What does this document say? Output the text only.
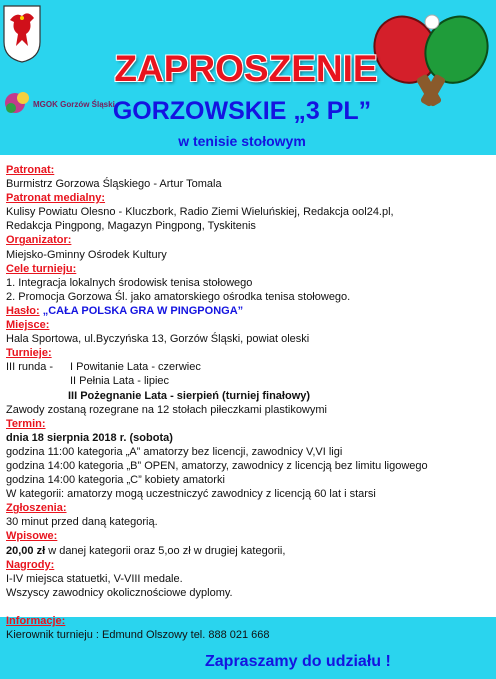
MGOK Gorzów Śląski
ZAPROSZENIE
GORZOWSKIE „3 PL”
w tenisie stołowym
Patronat:
Burmistrz Gorzowa Śląskiego - Artur Tomala
Patronat medialny:
Kulisy Powiatu Olesno - Kluczbork, Radio Ziemi Wieluńskiej, Redakcja ool24.pl,
Redakcja Pingpong, Magazyn Pingpong, Tyskitenis
Organizator:
Miejsko-Gminny Ośrodek Kultury
Cele turnieju:
1. Integracja lokalnych środowisk tenisa stołowego
2. Promocja Gorzowa Śl. jako amatorskiego ośrodka tenisa stołowego.
Hasło: „CAŁA POLSKA GRA W PINGPONGA”
Miejsce:
Hala Sportowa, ul.Byczyńska 13, Gorzów Śląski, powiat oleski
Turnieje:
III runda - I Powitanie Lata - czerwiec
II Pełnia Lata - lipiec
III Pożegnanie Lata - sierpień (turniej finałowy)
Zawody zostaną rozegrane na 12 stołach piłeczkami plastikowymi
Termin:
dnia 18 sierpnia 2018 r. (sobota)
godzina 11:00 kategoria „A” amatorzy bez licencji, zawodnicy V,VI ligi
godzina 14:00 kategoria „B” OPEN, amatorzy, zawodnicy z licencją bez limitu ligowego
godzina 14:00 kategoria „C” kobiety amatorki
W kategorii: amatorzy mogą uczestniczyć zawodnicy z licencją 60 lat i starsi
Zgłoszenia:
30 minut przed daną kategorią.
Wpisowe:
20,00 zł w danej kategorii oraz 5,oo zł w drugiej kategorii,
Nagrody:
I-IV miejsca statuetki, V-VIII medale.
Wszyscy zawodnicy okolicznościowe dyplomy.
Informacje:
Kierownik turnieju : Edmund Olszowy tel. 888 021 668
Zapraszamy do udziału !
